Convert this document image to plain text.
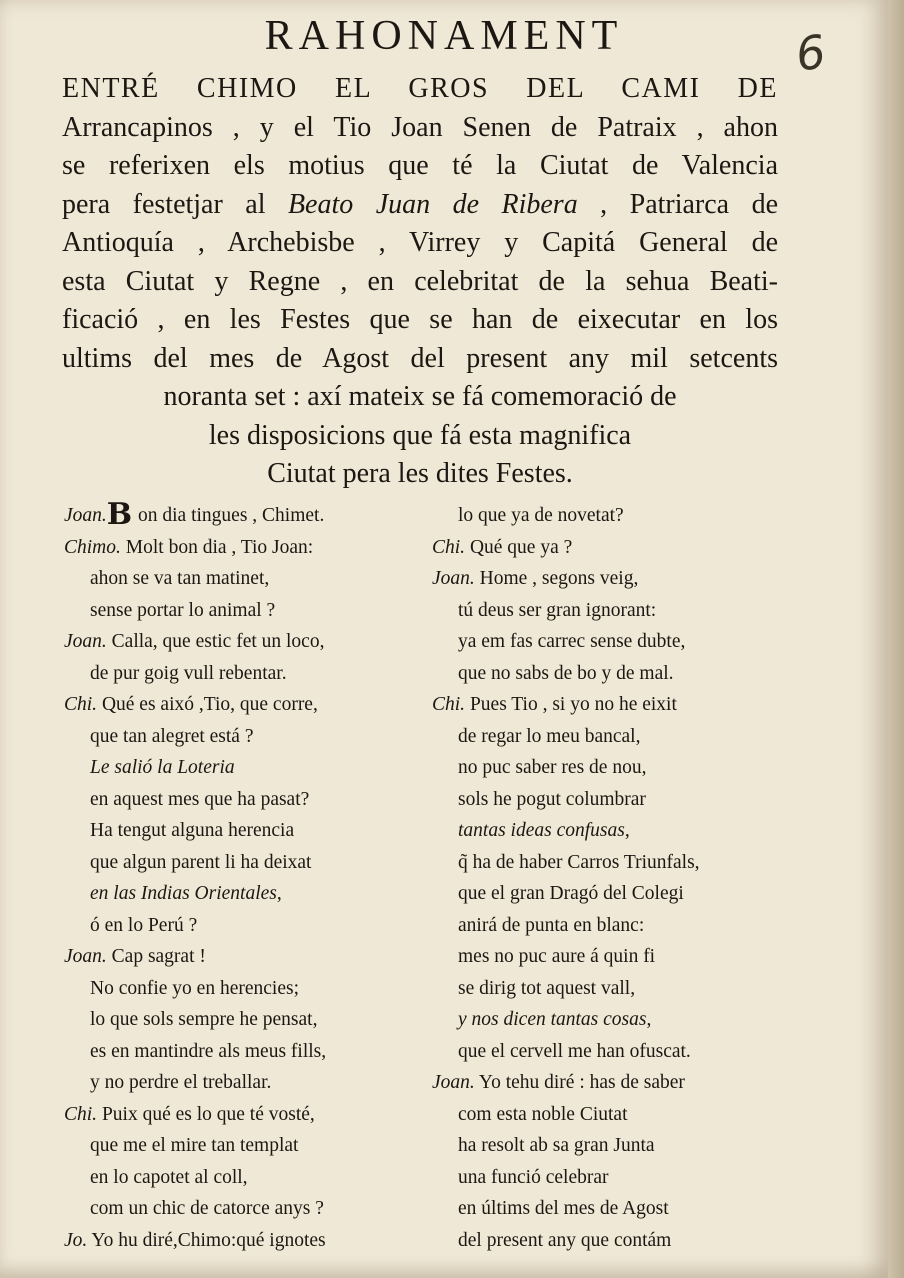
6
RAHONAMENT
ENTRÉ CHIMO EL GROS DEL CAMI DE
Arrancapinos , y el Tio Joan Senen de Patraix , ahon
se referixen els motius que té la Ciutat de Valencia
pera festetjar al Beato Juan de Ribera , Patriarca de
Antioquía , Archebisbe , Virrey y Capitá General de
esta Ciutat y Regne , en celebritat de la sehua Beati-
ficació , en les Festes que se han de eixecutar en los
ultims del mes de Agost del present any mil setcents
noranta set : axí mateix se fá comemoració de
les disposicions que fá esta magnifica
Ciutat pera les dites Festes.
Joan.B on dia tingues , Chimet.
Chimo. Molt bon dia , Tio Joan:
ahon se va tan matinet,
sense portar lo animal ?
Joan. Calla, que estic fet un loco,
de pur goig vull rebentar.
Chi. Qué es aixó ,Tio, que corre,
que tan alegret está ?
Le salió la Loteria
en aquest mes que ha pasat?
Ha tengut alguna herencia
que algun parent li ha deixat
en las Indias Orientales,
ó en lo Perú ?
Joan. Cap sagrat !
No confie yo en herencies;
lo que sols sempre he pensat,
es en mantindre als meus fills,
y no perdre el treballar.
Chi. Puix qué es lo que té vosté,
que me el mire tan templat
en lo capotet al coll,
com un chic de catorce anys ?
Jo. Yo hu diré,Chimo:qué ignotes
lo que ya de novetat?
Chi. Qué que ya ?
Joan. Home , segons veig,
tú deus ser gran ignorant:
ya em fas carrec sense dubte,
que no sabs de bo y de mal.
Chi. Pues Tio , si yo no he eixit
de regar lo meu bancal,
no puc saber res de nou,
sols he pogut columbrar
tantas ideas confusas,
q̃ ha de haber Carros Triunfals,
que el gran Dragó del Colegi
anirá de punta en blanc:
mes no puc aure á quin fi
se dirig tot aquest vall,
y nos dicen tantas cosas,
que el cervell me han ofuscat.
Joan. Yo tehu diré : has de saber
com esta noble Ciutat
ha resolt ab sa gran Junta
una funció celebrar
en últims del mes de Agost
del present any que contám
